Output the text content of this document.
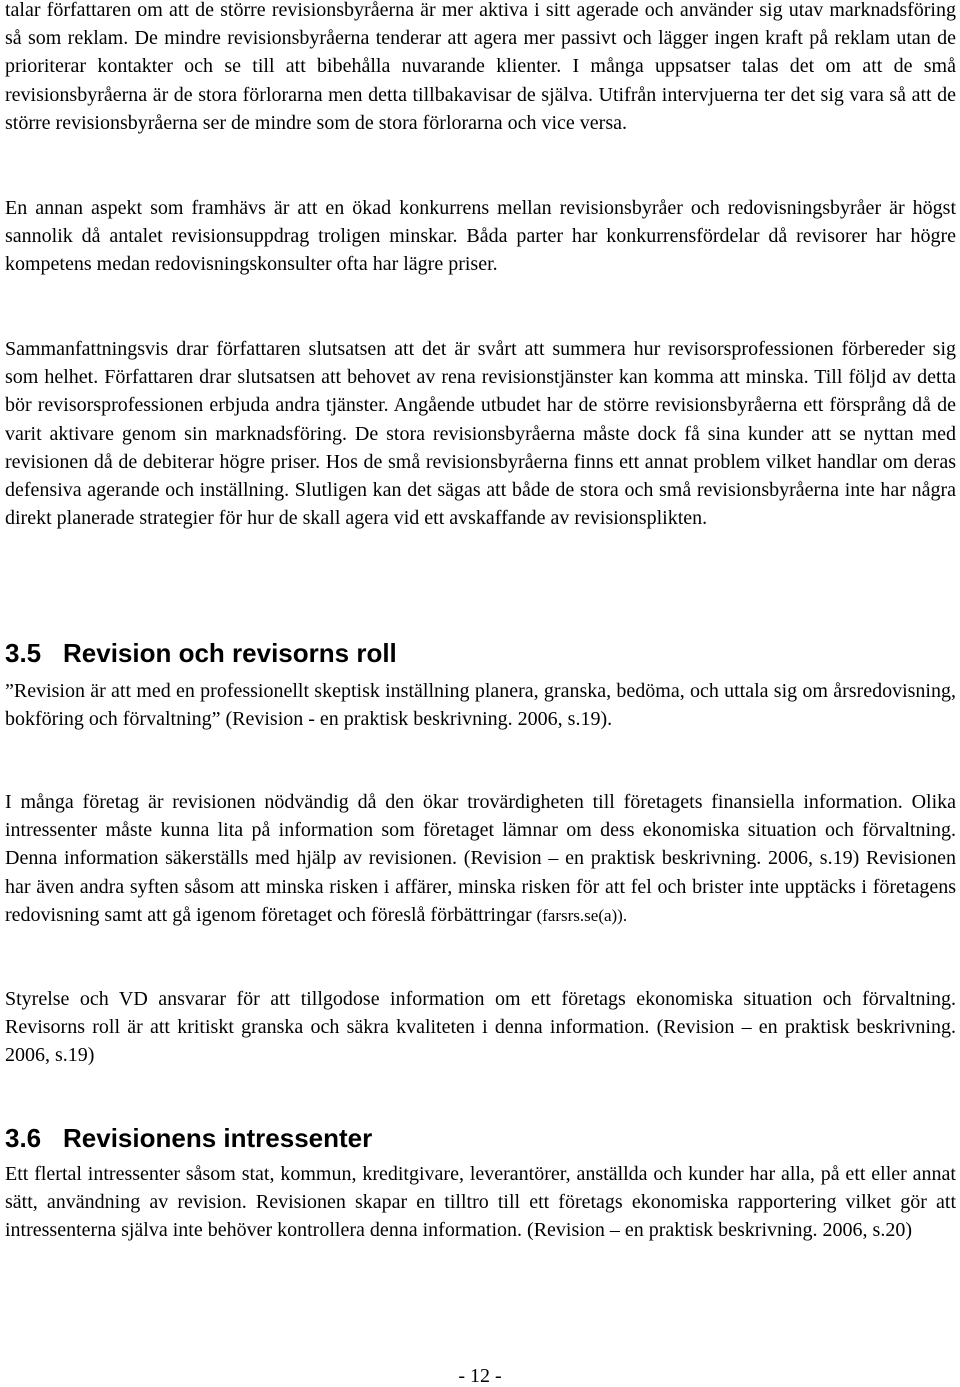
talar författaren om att de större revisionsbyråerna är mer aktiva i sitt agerade och använder sig utav marknadsföring så som reklam. De mindre revisionsbyråerna tenderar att agera mer passivt och lägger ingen kraft på reklam utan de prioriterar kontakter och se till att bibehålla nuvarande klienter. I många uppsatser talas det om att de små revisionsbyråerna är de stora förlorarna men detta tillbakavisar de själva. Utifrån intervjuerna ter det sig vara så att de större revisionsbyråerna ser de mindre som de stora förlorarna och vice versa.

En annan aspekt som framhävs är att en ökad konkurrens mellan revisionsbyråer och redovisningsbyråer är högst sannolik då antalet revisionsuppdrag troligen minskar. Båda parter har konkurrensfördelar då revisorer har högre kompetens medan redovisningskonsulter ofta har lägre priser.

Sammanfattningsvis drar författaren slutsatsen att det är svårt att summera hur revisorsprofessionen förbereder sig som helhet. Författaren drar slutsatsen att behovet av rena revisionstjänster kan komma att minska. Till följd av detta bör revisorsprofessionen erbjuda andra tjänster. Angående utbudet har de större revisionsbyråerna ett försprång då de varit aktivare genom sin marknadsföring. De stora revisionsbyråerna måste dock få sina kunder att se nyttan med revisionen då de debiterar högre priser. Hos de små revisionsbyråerna finns ett annat problem vilket handlar om deras defensiva agerande och inställning. Slutligen kan det sägas att både de stora och små revisionsbyråerna inte har några direkt planerade strategier för hur de skall agera vid ett avskaffande av revisionsplikten.

3.5 Revision och revisorns roll

”Revision är att med en professionellt skeptisk inställning planera, granska, bedöma, och uttala sig om årsredovisning, bokföring och förvaltning” (Revision - en praktisk beskrivning. 2006, s.19).

I många företag är revisionen nödvändig då den ökar trovärdigheten till företagets finansiella information. Olika intressenter måste kunna lita på information som företaget lämnar om dess ekonomiska situation och förvaltning. Denna information säkerställs med hjälp av revisionen. (Revision – en praktisk beskrivning. 2006, s.19) Revisionen har även andra syften såsom att minska risken i affärer, minska risken för att fel och brister inte upptäcks i företagens redovisning samt att gå igenom företaget och föreslå förbättringar (farsrs.se(a)).

Styrelse och VD ansvarar för att tillgodose information om ett företags ekonomiska situation och förvaltning. Revisorns roll är att kritiskt granska och säkra kvaliteten i denna information. (Revision – en praktisk beskrivning. 2006, s.19)

3.6 Revisionens intressenter

Ett flertal intressenter såsom stat, kommun, kreditgivare, leverantörer, anställda och kunder har alla, på ett eller annat sätt, användning av revision. Revisionen skapar en tilltro till ett företags ekonomiska rapportering vilket gör att intressenterna själva inte behöver kontrollera denna information. (Revision – en praktisk beskrivning. 2006, s.20)

- 12 -
